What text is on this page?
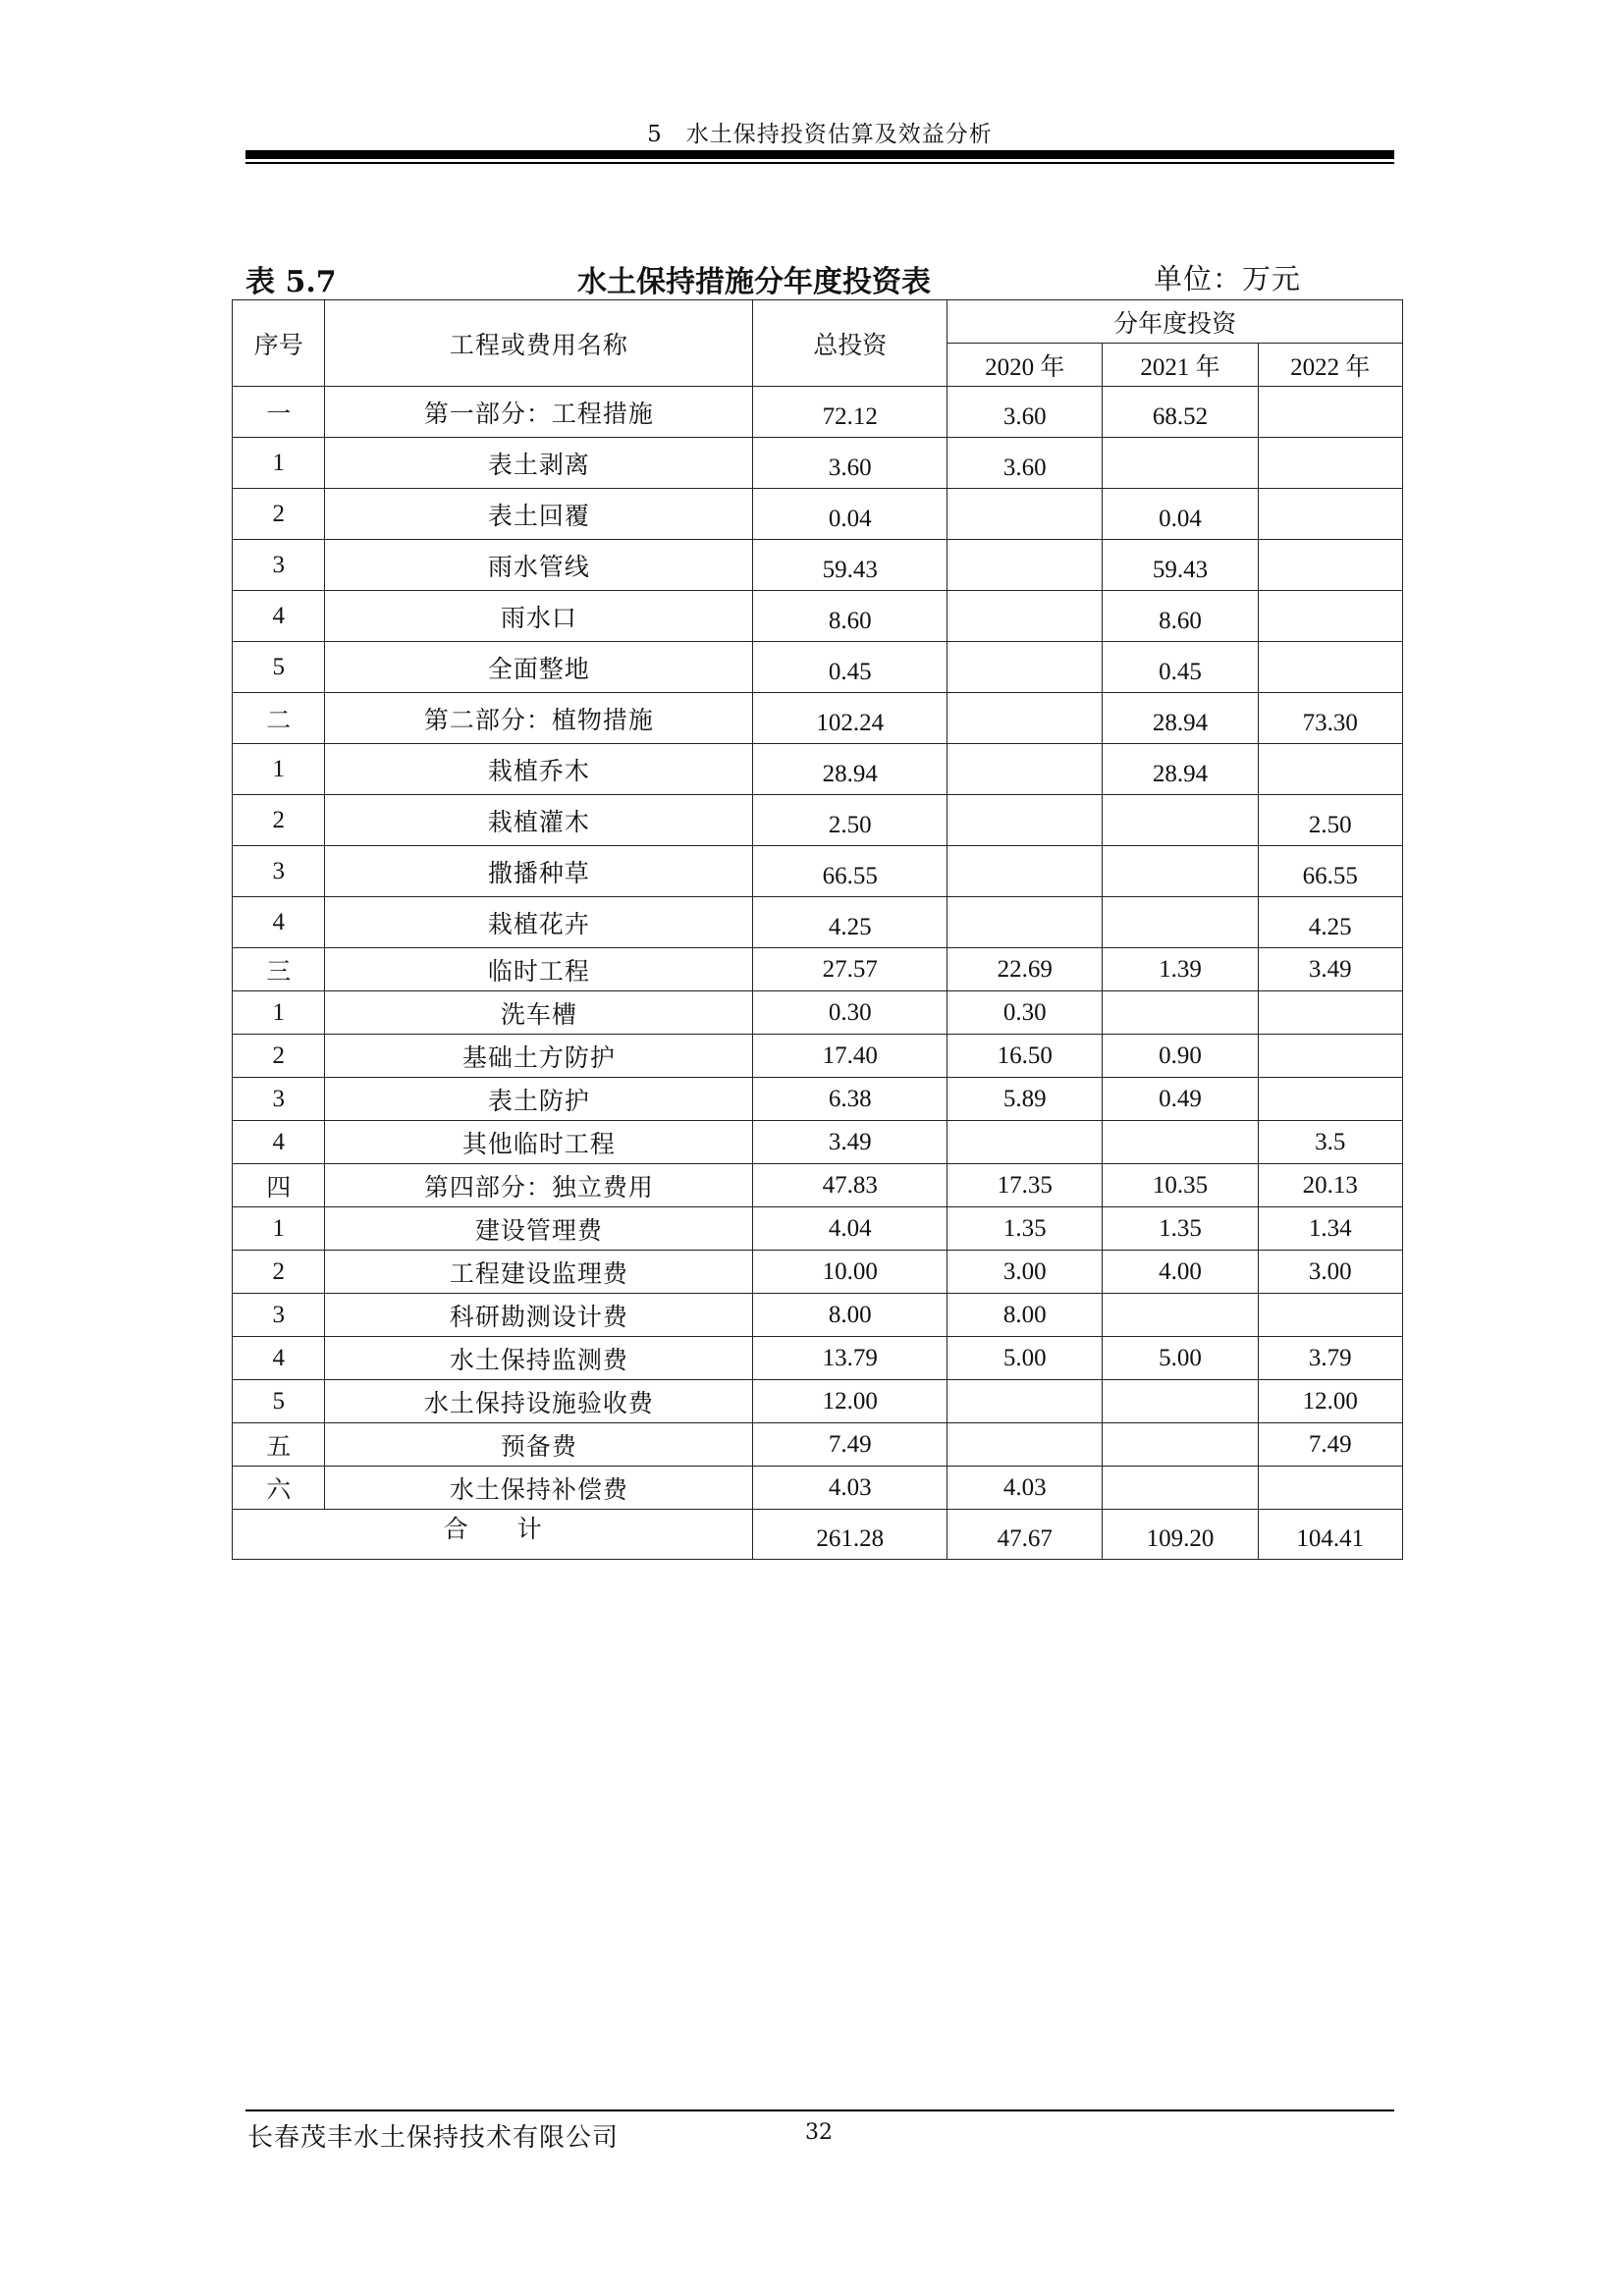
5　水土保持投资估算及效益分析
表 5.7	水土保持措施分年度投资表	单位：万元
序号	工程或费用名称	总投资	分年度投资		
			2020 年	2021 年	2022 年
一	第一部分：工程措施	72.12	3.60	68.52	
1	表土剥离	3.60	3.60		
2	表土回覆	0.04		0.04	
3	雨水管线	59.43		59.43	
4	雨水口	8.60		8.60	
5	全面整地	0.45		0.45	
二	第二部分：植物措施	102.24		28.94	73.30
1	栽植乔木	28.94		28.94	
2	栽植灌木	2.50			2.50
3	撒播种草	66.55			66.55
4	栽植花卉	4.25			4.25
三	临时工程	27.57	22.69	1.39	3.49
1	洗车槽	0.30	0.30		
2	基础土方防护	17.40	16.50	0.90	
3	表土防护	6.38	5.89	0.49	
4	其他临时工程	3.49			3.5
四	第四部分：独立费用	47.83	17.35	10.35	20.13
1	建设管理费	4.04	1.35	1.35	1.34
2	工程建设监理费	10.00	3.00	4.00	3.00
3	科研勘测设计费	8.00	8.00		
4	水土保持监测费	13.79	5.00	5.00	3.79
5	水土保持设施验收费	12.00			12.00
五	预备费	7.49			7.49
六	水土保持补偿费	4.03	4.03		
合　　计		261.28	47.67	109.20	104.41
长春茂丰水土保持技术有限公司	32
